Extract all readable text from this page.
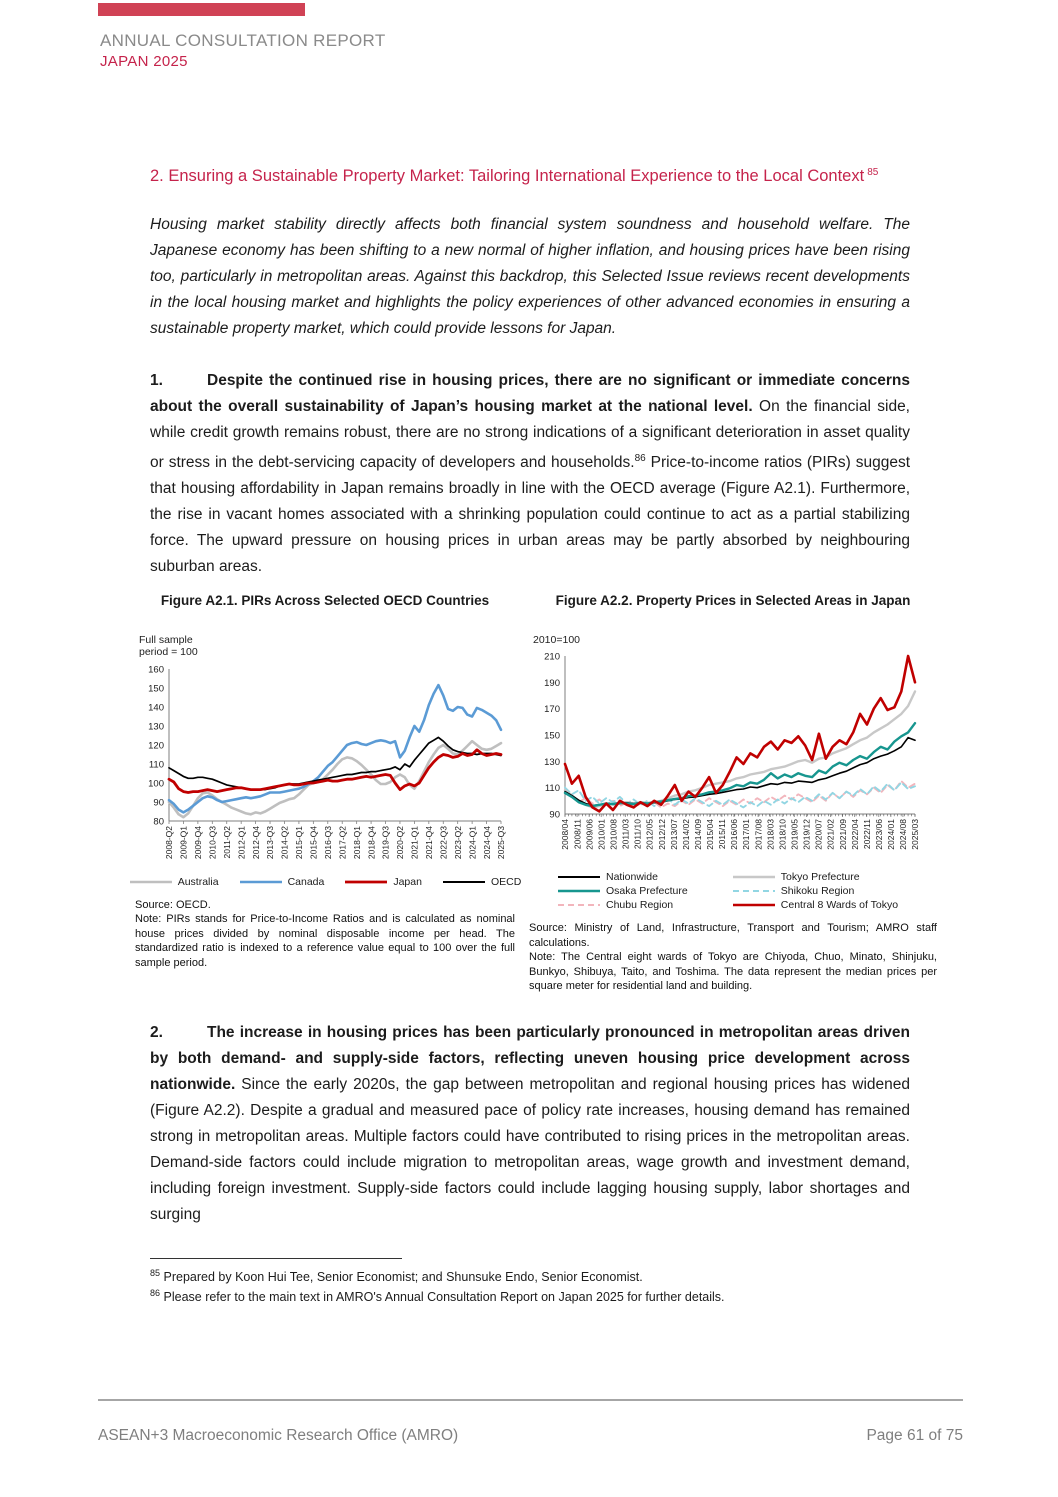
ANNUAL CONSULTATION REPORT
JAPAN 2025
2. Ensuring a Sustainable Property Market: Tailoring International Experience to the Local Context $^{85}$

Housing market stability directly affects both financial system soundness and household welfare. The Japanese economy has been shifting to a new normal of higher inflation, and housing prices have been rising too, particularly in metropolitan areas. Against this backdrop, this Selected Issue reviews recent developments in the local housing market and highlights the policy experiences of other advanced economies in ensuring a sustainable property market, which could provide lessons for Japan.

1.	Despite the continued rise in housing prices, there are no significant or immediate concerns about the overall sustainability of Japan’s housing market at the national level. On the financial side, while credit growth remains robust, there are no strong indications of a significant deterioration in asset quality or stress in the debt-servicing capacity of developers and households.$^{86}$ Price-to-income ratios (PIRs) suggest that housing affordability in Japan remains broadly in line with the OECD average (Figure A2.1). Furthermore, the rise in vacant homes associated with a shrinking population could continue to act as a partial stabilizing force. The upward pressure on housing prices in urban areas may be partly absorbed by neighbouring suburban areas.

Figure A2.1. PIRs Across Selected OECD Countries
Full sample period = 100
80
90
100
110
120
130
140
150
160
2008-Q2 2009-Q1 2009-Q4 2010-Q3 2011-Q2 2012-Q1 2012-Q4 2013-Q3 2014-Q2 2015-Q1 2015-Q4 2016-Q3 2017-Q2 2018-Q1 2018-Q4 2019-Q3 2020-Q2 2021-Q1 2021-Q4 2022-Q3 2023-Q2 2024-Q1 2024-Q4 2025-Q3
Australia	Canada	Japan	OECD
Source: OECD.
Note: PIRs stands for Price-to-Income Ratios and is calculated as nominal house prices divided by nominal disposable income per head. The standardized ratio is indexed to a reference value equal to 100 over the full sample period.
Figure A2.2. Property Prices in Selected Areas in Japan
2010=100
90
110
130
150
170
190
210
2008/04 2008/11 2009/06 2010/01 2010/08 2011/03 2011/10 2012/05 2012/12 2013/07 2014/02 2014/09 2015/04 2015/11 2016/06 2017/01 2017/08 2018/03 2018/10 2019/05 2019/12 2020/07 2021/02 2021/09 2022/04 2022/11 2023/06 2024/01 2024/08 2025/03
Nationwide	Tokyo Prefecture
Osaka Prefecture	Shikoku Region
Chubu Region	Central 8 Wards of Tokyo
Source: Ministry of Land, Infrastructure, Transport and Tourism; AMRO staff calculations.
Note: The Central eight wards of Tokyo are Chiyoda, Chuo, Minato, Shinjuku, Bunkyo, Shibuya, Taito, and Toshima. The data represent the median prices per square meter for residential land and building.

2.	The increase in housing prices has been particularly pronounced in metropolitan areas driven by both demand- and supply-side factors, reflecting uneven housing price development across nationwide. Since the early 2020s, the gap between metropolitan and regional housing prices has widened (Figure A2.2). Despite a gradual and measured pace of policy rate increases, housing demand has remained strong in metropolitan areas. Multiple factors could have contributed to rising prices in the metropolitan areas. Demand-side factors could include migration to metropolitan areas, wage growth and investment demand, including foreign investment. Supply-side factors could include lagging housing supply, labor shortages and surging

$^{85}$ Prepared by Koon Hui Tee, Senior Economist; and Shunsuke Endo, Senior Economist.
$^{86}$ Please refer to the main text in AMRO's Annual Consultation Report on Japan 2025 for further details.
ASEAN+3 Macroeconomic Research Office (AMRO)	Page 61 of 75
